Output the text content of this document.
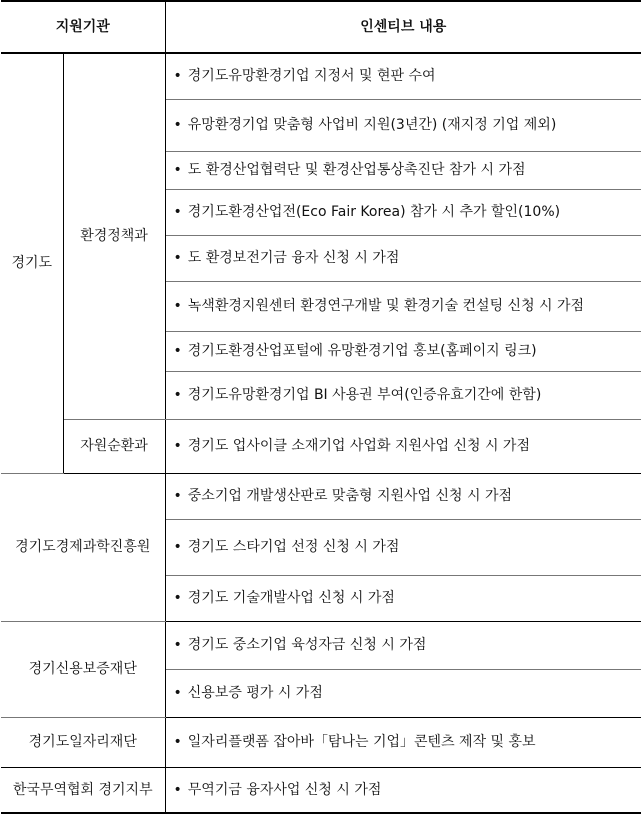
지원기관		인센티브 내용
경기도	환경정책과	• 경기도유망환경기업 지정서 및 현판 수여
		• 유망환경기업 맞춤형 사업비 지원(3년간) (재지정 기업 제외)
		• 도 환경산업협력단 및 환경산업통상촉진단 참가 시 가점
		• 경기도환경산업전(Eco Fair Korea) 참가 시 추가 할인(10%)
		• 도 환경보전기금 융자 신청 시 가점
		• 녹색환경지원센터 환경연구개발 및 환경기술 컨설팅 신청 시 가점
		• 경기도환경산업포털에 유망환경기업 홍보(홈페이지 링크)
		• 경기도유망환경기업 BI 사용권 부여(인증유효기간에 한함)
	자원순환과	• 경기도 업사이클 소재기업 사업화 지원사업 신청 시 가점
경기도경제과학진흥원		• 중소기업 개발생산판로 맞춤형 지원사업 신청 시 가점
		• 경기도 스타기업 선정 신청 시 가점
		• 경기도 기술개발사업 신청 시 가점
경기신용보증재단		• 경기도 중소기업 육성자금 신청 시 가점
		• 신용보증 평가 시 가점
경기도일자리재단		• 일자리플랫폼 잡아바「탐나는 기업」콘텐츠 제작 및 홍보
한국무역협회 경기지부		• 무역기금 융자사업 신청 시 가점
